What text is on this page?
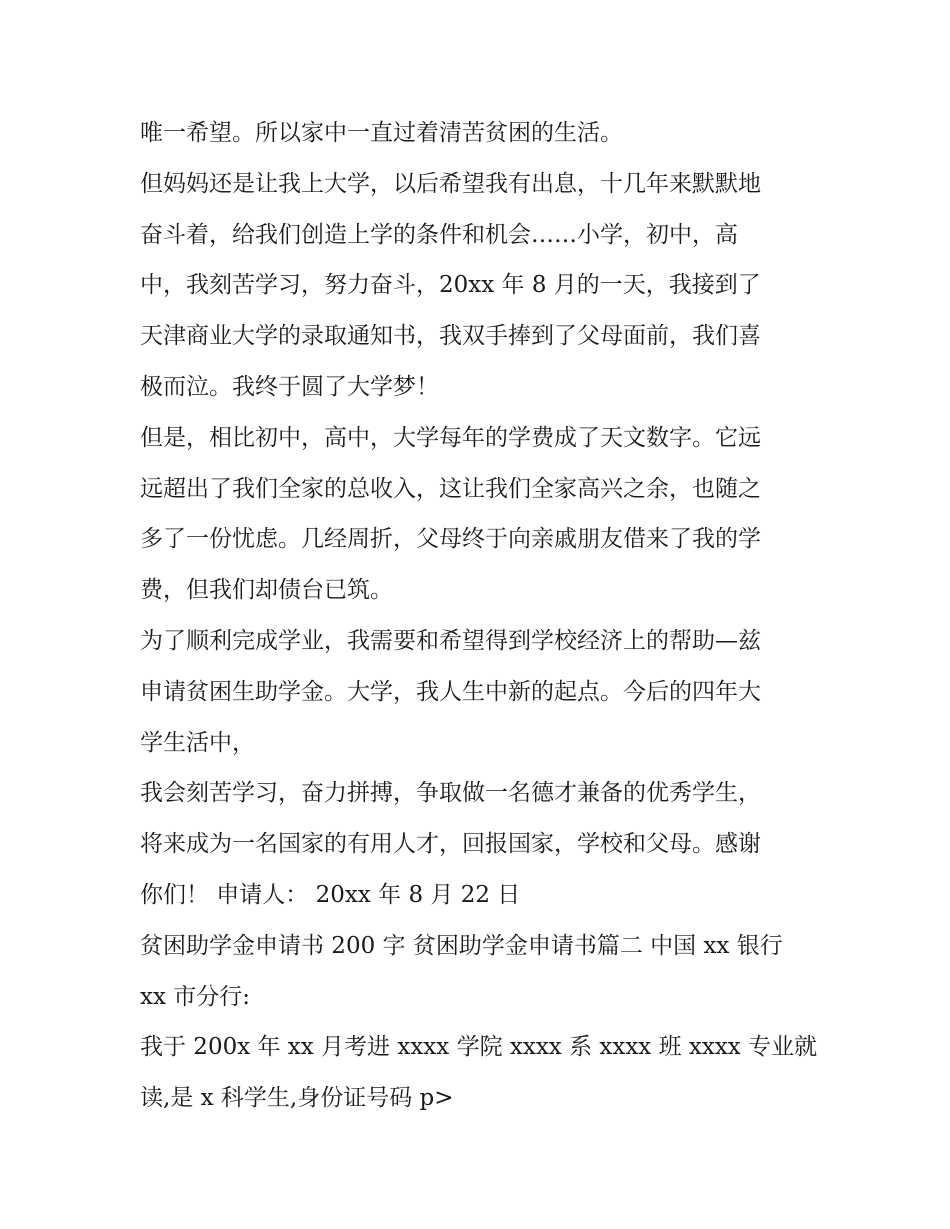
唯一希望。所以家中一直过着清苦贫困的生活。
但妈妈还是让我上大学，以后希望我有出息，十几年来默默地
奋斗着，给我们创造上学的条件和机会……小学，初中，高
中，我刻苦学习，努力奋斗，20xx 年 8 月的一天，我接到了
天津商业大学的录取通知书，我双手捧到了父母面前，我们喜
极而泣。我终于圆了大学梦！
但是，相比初中，高中，大学每年的学费成了天文数字。它远
远超出了我们全家的总收入，这让我们全家高兴之余，也随之
多了一份忧虑。几经周折，父母终于向亲戚朋友借来了我的学
费，但我们却债台已筑。
为了顺利完成学业，我需要和希望得到学校经济上的帮助—兹
申请贫困生助学金。大学，我人生中新的起点。今后的四年大
学生活中，
我会刻苦学习，奋力拼搏，争取做一名德才兼备的优秀学生，
将来成为一名国家的有用人才，回报国家，学校和父母。感谢
你们！ 申请人： 20xx 年 8 月 22 日
贫困助学金申请书 200 字 贫困助学金申请书篇二 中国 xx 银行
xx 市分行:
我于 200x 年 xx 月考进 xxxx 学院 xxxx 系 xxxx 班 xxxx 专业就
读,是 x 科学生,身份证号码 p>
